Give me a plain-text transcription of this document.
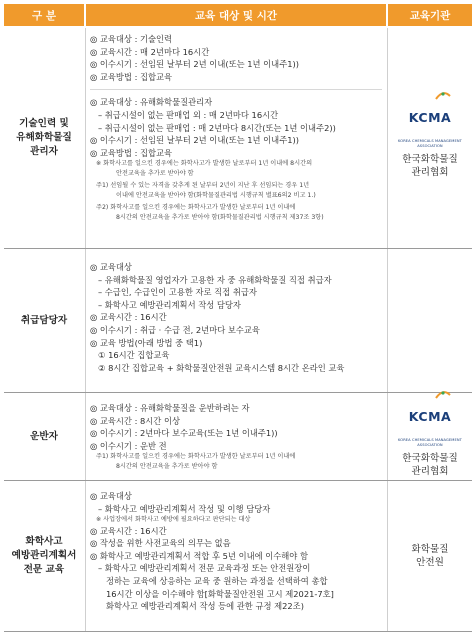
구 분	교육 대상 및 시간	교육기관
기술인력 및
유해화학물질
관리자
◎ 교육대상 : 기술인력
◎ 교육시간 : 매 2년마다 16시간
◎ 이수시기 : 선임된 날부터 2년 이내(또는 1년 이내주1))
◎ 교육방법 : 집합교육
◎ 교육대상 : 유해화학물질관리자
– 취급시설이 없는 판매업 외 : 매 2년마다 16시간
– 취급시설이 없는 판매업 : 매 2년마다 8시간(또는 1년 이내주2))
◎ 이수시기 : 선임된 날부터 2년 이내(또는 1년 이내주1))
◎ 교육방법 : 집합교육
※ 화학사고를 일으킨 경우에는 화학사고가 발생한 날로부터 1년 이내에 8시간의
안전교육을 추가로 받아야 함
주1) 선임될 수 있는 자격을 갖추게 된 날부터 2년이 지난 후 선임되는 경우 1년
이내에 안전교육을 받아야 함(화학물질관리법 시행규칙 별표6의2 비고 1.)
주2) 화학사고를 일으킨 경우에는 화학사고가 발생한 날로부터 1년 이내에
8시간의 안전교육을 추가로 받아야 함(화학물질관리법 시행규칙 제37조 3항)

KCMA

KOREA CHEMICALS MANAGEMENT ASSOCIATION
한국화학물질
관리협회
취급담당자
◎ 교육대상
– 유해화학물질 영업자가 고용한 자 중 유해화학물질 직접 취급자
– 수급인, 수급인이 고용한 자로 직접 취급자
– 화학사고 예방관리계획서 작성 담당자
◎ 교육시간 : 16시간
◎ 이수시기 : 취급 · 수급 전, 2년마다 보수교육
◎ 교육 방법(아래 방법 중 택1)
① 16시간 집합교육
② 8시간 집합교육 + 화학물질안전원 교육시스템 8시간 온라인 교육
운반자
◎ 교육대상 : 유해화학물질을 운반하려는 자
◎ 교육시간 : 8시간 이상
◎ 이수시기 : 2년마다 보수교육(또는 1년 이내주1))
◎ 이수시기 : 운반 전
주1) 화학사고를 일으킨 경우에는 화학사고가 발생한 날로부터 1년 이내에
8시간의 안전교육을 추가로 받아야 함

KCMA

KOREA CHEMICALS MANAGEMENT ASSOCIATION
한국화학물질
관리협회
화학사고
예방관리계획서
전문 교육
◎ 교육대상
– 화학사고 예방관리계획서 작성 및 이행 담당자
※ 사업장에서 화학사고 예방에 필요하다고 판단되는 대상
◎ 교육시간 : 16시간
◎ 작성을 위한 사전교육의 의무는 없음
◎ 화학사고 예방관리계획서 적합 후 5년 이내에 이수해야 함
– 화학사고 예방관리계획서 전문 교육과정 또는 안전원장이
정하는 교육에 상응하는 교육 중 원하는 과정을 선택하여 총합
16시간 이상을 이수해야 함[화학물질안전원 고시 제2021-7호]
화학사고 예방관리계획서 작성 등에 관한 규정 제22조)
화학물질
안전원
